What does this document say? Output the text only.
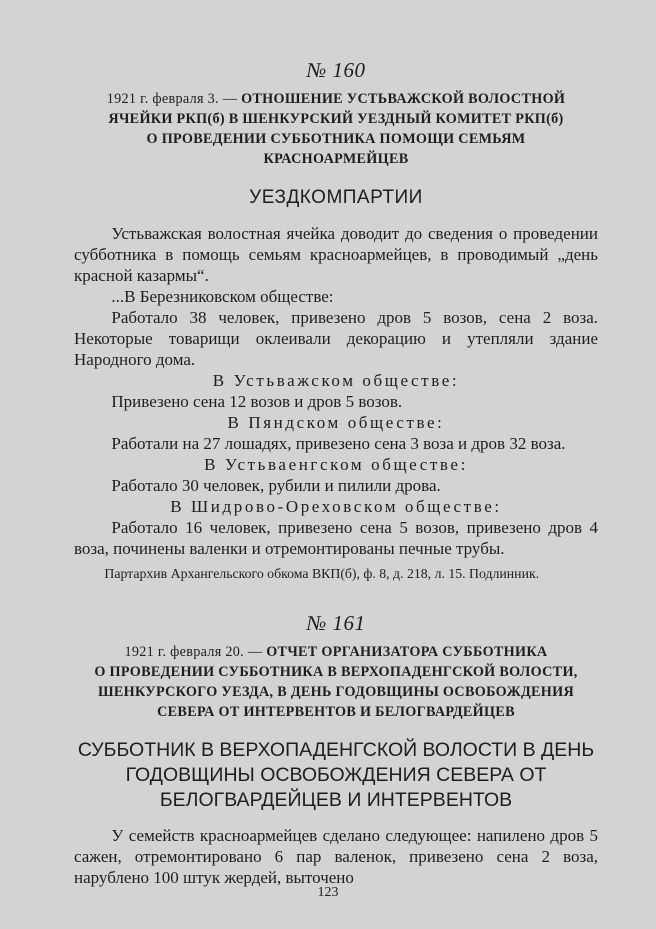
№ 160
1921 г. февраля 3. — ОТНОШЕНИЕ УСТЬВАЖСКОЙ ВОЛОСТНОЙ
ЯЧЕЙКИ РКП(б) В ШЕНКУРСКИЙ УЕЗДНЫЙ КОМИТЕТ РКП(б)
О ПРОВЕДЕНИИ СУББОТНИКА ПОМОЩИ СЕМЬЯМ
КРАСНОАРМЕЙЦЕВ
УЕЗДКОМПАРТИИ

Устьважская волостная ячейка доводит до сведения о проведении субботника в помощь семьям красноармейцев, в проводимый „день красной казармы“.

...В Березниковском обществе:

Работало 38 человек, привезено дров 5 возов, сена 2 воза. Некоторые товарищи оклеивали декорацию и утепляли здание Народного дома.

В Устьважском обществе:

Привезено сена 12 возов и дров 5 возов.

В Пяндском обществе:

Работали на 27 лошадях, привезено сена 3 воза и дров 32 воза.

В Устьваенгском обществе:

Работало 30 человек, рубили и пилили дрова.

В Шидрово-Ореховском обществе:

Работало 16 человек, привезено сена 5 возов, привезено дров 4 воза, починены валенки и отремонтированы печные трубы.

Партархив Архангельского обкома ВКП(б), ф. 8, д. 218, л. 15. Подлинник.

№ 161
1921 г. февраля 20. — ОТЧЕТ ОРГАНИЗАТОРА СУББОТНИКА
О ПРОВЕДЕНИИ СУББОТНИКА В ВЕРХОПАДЕНГСКОЙ ВОЛОСТИ,
ШЕНКУРСКОГО УЕЗДА, В ДЕНЬ ГОДОВЩИНЫ ОСВОБОЖДЕНИЯ
СЕВЕРА ОТ ИНТЕРВЕНТОВ И БЕЛОГВАРДЕЙЦЕВ
СУББОТНИК В ВЕРХОПАДЕНГСКОЙ ВОЛОСТИ В ДЕНЬ
ГОДОВЩИНЫ ОСВОБОЖДЕНИЯ СЕВЕРА ОТ
БЕЛОГВАРДЕЙЦЕВ И ИНТЕРВЕНТОВ

У семейств красноармейцев сделано следующее: напилено дров 5 сажен, отремонтировано 6 пар валенок, привезено сена 2 воза, нарублено 100 штук жердей, выточено

123
